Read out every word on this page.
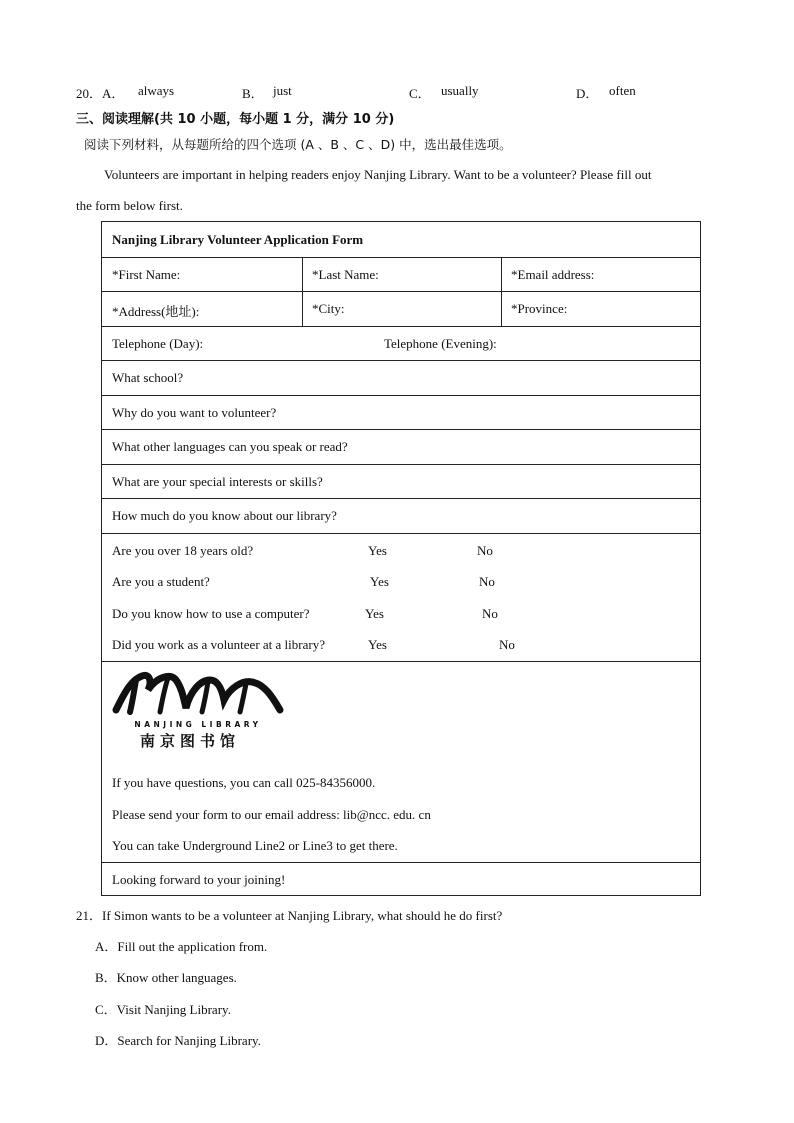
20．A． always	B． just	C． usually	D． often
三、阅读理解(共 10 小题，每小题 1 分，满分 10 分)
阅读下列材料，从每题所给的四个选项 (A 、B 、C 、D) 中，选出最佳选项。
Volunteers are important in helping readers enjoy Nanjing Library. Want to be a volunteer? Please fill out
the form below first.
Nanjing Library Volunteer Application Form
*First Name:	*Last Name:	*Email address:
*Address(地址):	*City:	*Province:
Telephone (Day):	Telephone (Evening):
What school?
Why do you want to volunteer?
What other languages can you speak or read?
What are your special interests or skills?
How much do you know about our library?
Are you over 18 years old?	Yes	No
Are you a student?	Yes	No
Do you know how to use a computer?	Yes	No
Did you work as a volunteer at a library?	Yes	No
NANJING LIBRARY
南京图书馆
If you have questions, you can call 025-84356000.
Please send your form to our email address: lib@ncc. edu. cn
You can take Underground Line2 or Line3 to get there.
Looking forward to your joining!
21．If Simon wants to be a volunteer at Nanjing Library, what should he do first?
A．Fill out the application from.
B．Know other languages.
C．Visit Nanjing Library.
D．Search for Nanjing Library.
